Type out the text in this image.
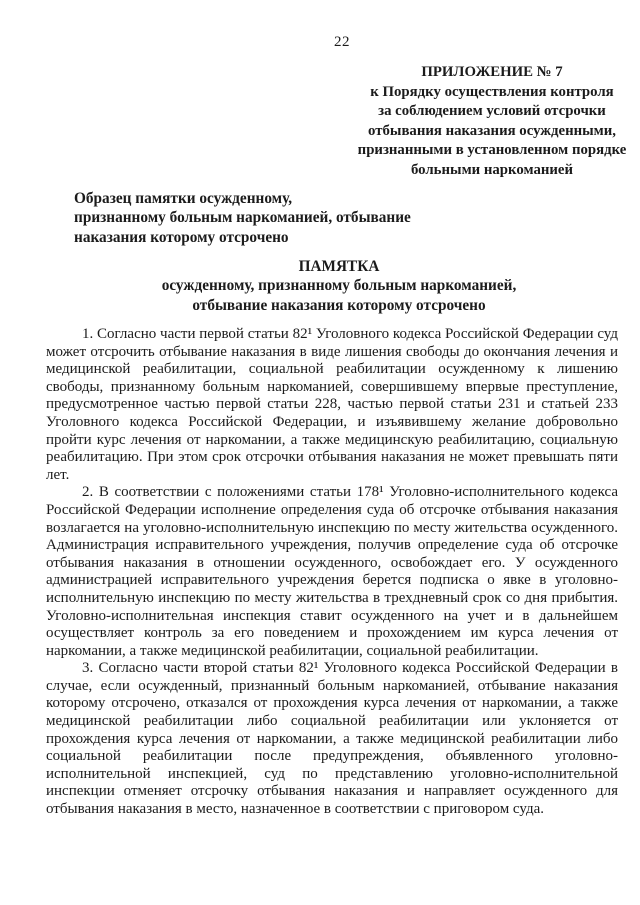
22
ПРИЛОЖЕНИЕ № 7
к Порядку осуществления контроля
за соблюдением условий отсрочки
отбывания наказания осужденными,
признанными в установленном порядке
больными наркоманией
Образец памятки осужденному,
признанному больным наркоманией, отбывание
наказания которому отсрочено
ПАМЯТКА
осужденному, признанному больным наркоманией,
отбывание наказания которому отсрочено

1. Согласно части первой статьи 82¹ Уголовного кодекса Российской Федерации суд может отсрочить отбывание наказания в виде лишения свободы до окончания лечения и медицинской реабилитации, социальной реабилитации осужденному к лишению свободы, признанному больным наркоманией, совершившему впервые преступление, предусмотренное частью первой статьи 228, частью первой статьи 231 и статьей 233 Уголовного кодекса Российской Федерации, и изъявившему желание добровольно пройти курс лечения от наркомании, а также медицинскую реабилитацию, социальную реабилитацию. При этом срок отсрочки отбывания наказания не может превышать пяти лет.

2. В соответствии с положениями статьи 178¹ Уголовно-исполнительного кодекса Российской Федерации исполнение определения суда об отсрочке отбывания наказания возлагается на уголовно-исполнительную инспекцию по месту жительства осужденного. Администрация исправительного учреждения, получив определение суда об отсрочке отбывания наказания в отношении осужденного, освобождает его. У осужденного администрацией исправительного учреждения берется подписка о явке в уголовно-исполнительную инспекцию по месту жительства в трехдневный срок со дня прибытия. Уголовно-исполнительная инспекция ставит осужденного на учет и в дальнейшем осуществляет контроль за его поведением и прохождением им курса лечения от наркомании, а также медицинской реабилитации, социальной реабилитации.

3. Согласно части второй статьи 82¹ Уголовного кодекса Российской Федерации в случае, если осужденный, признанный больным наркоманией, отбывание наказания которому отсрочено, отказался от прохождения курса лечения от наркомании, а также медицинской реабилитации либо социальной реабилитации или уклоняется от прохождения курса лечения от наркомании, а также медицинской реабилитации либо социальной реабилитации после предупреждения, объявленного уголовно-исполнительной инспекцией, суд по представлению уголовно-исполнительной инспекции отменяет отсрочку отбывания наказания и направляет осужденного для отбывания наказания в место, назначенное в соответствии с приговором суда.
